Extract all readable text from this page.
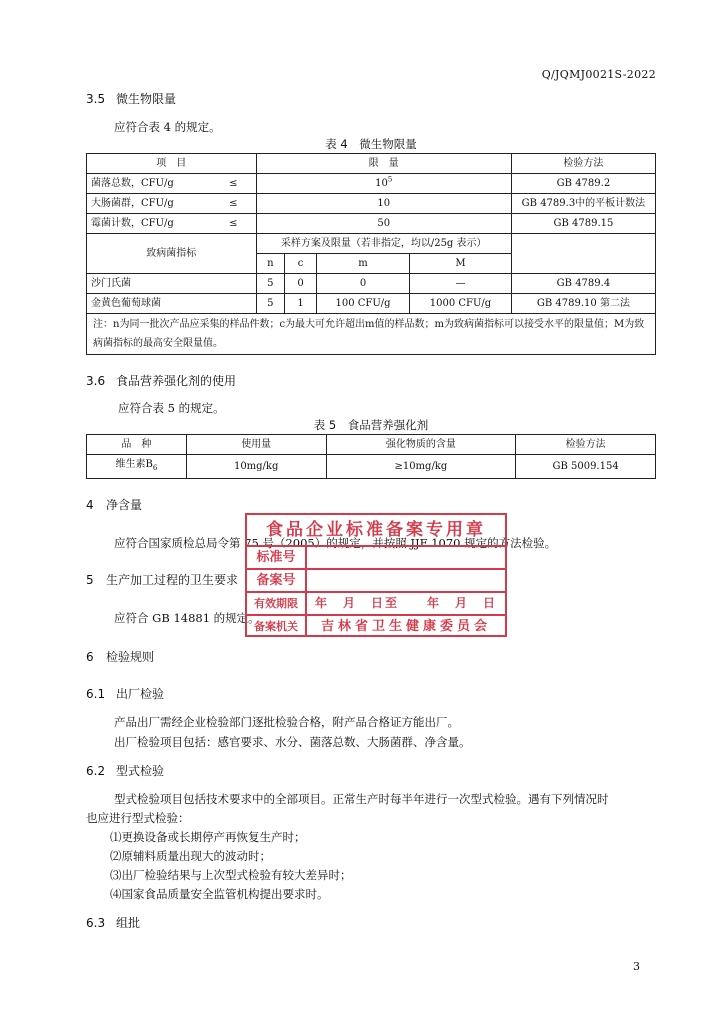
Q/JQMJ0021S-2022
3.5 微生物限量
应符合表 4 的规定。
表 4　微生物限量
项　目	限　量				检验方法
菌落总数，CFU/g ≤	$10^5$				GB 4789.2
大肠菌群，CFU/g ≤	10				GB 4789.3中的平板计数法
霉菌计数，CFU/g ≤	50				GB 4789.15
致病菌指标	采样方案及限量（若非指定，均以/25g 表示）				
	n	c	m	M	
沙门氏菌	5	0	0	—	GB 4789.4
金黄色葡萄球菌	5	1	100 CFU/g	1000 CFU/g	GB 4789.10 第二法
注：n为同一批次产品应采集的样品件数；c为最大可允许超出m值的样品数；m为致病菌指标可以接受水平的限量值；M为致病菌指标的最高安全限量值。					
3.6 食品营养强化剂的使用
应符合表 5 的规定。
表 5　食品营养强化剂
品　种	使用量	强化物质的含量	检验方法
维生素$B_6$	10mg/kg	≥10mg/kg	GB 5009.154
4 净含量
应符合国家质检总局令第 75 号（2005）的规定，并按照 JJF 1070 规定的方法检验。
5 生产加工过程的卫生要求
应符合 GB 14881 的规定。
食品企业标准备案专用章
标准号
备案号
有效期限	年　月　日至　　年　月　日
备案机关	吉林省卫生健康委员会
6 检验规则
6.1 出厂检验
产品出厂需经企业检验部门逐批检验合格，附产品合格证方能出厂。
出厂检验项目包括：感官要求、水分、菌落总数、大肠菌群、净含量。
6.2 型式检验
型式检验项目包括技术要求中的全部项目。正常生产时每半年进行一次型式检验。遇有下列情况时
也应进行型式检验：
⑴更换设备或长期停产再恢复生产时；
⑵原辅料质量出现大的波动时；
⑶出厂检验结果与上次型式检验有较大差异时；
⑷国家食品质量安全监管机构提出要求时。
6.3 组批
3
